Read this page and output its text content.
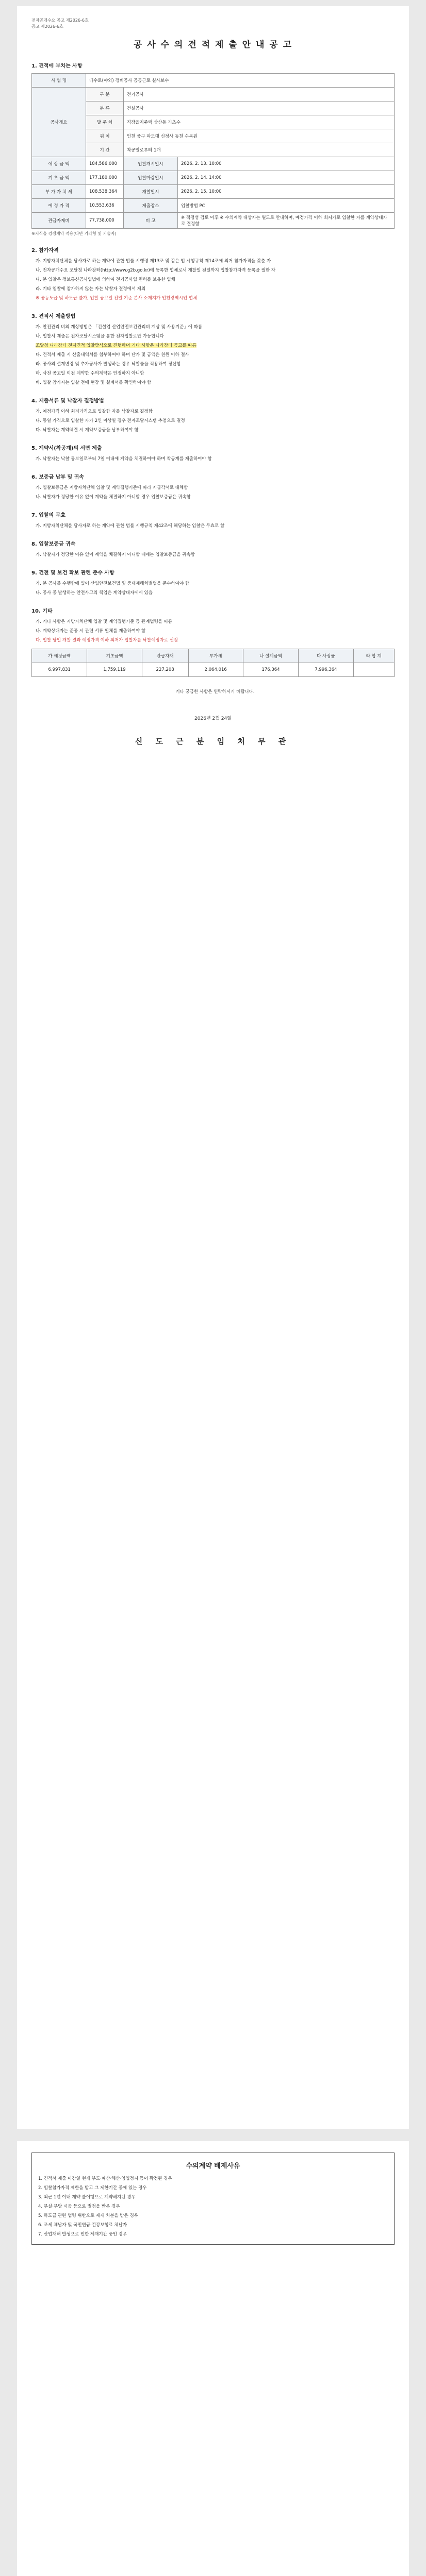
전자공개수요 공고 제2026-6호
공고 제2026-6호
공 사 수 의 견 적 제 출 안 내 공 고
1. 견적에 부치는 사항
사 업 명	배수로(야외) 정비공사 공공근로 실사보수		
공사개요	구 분	전기공사	
	분 류	건설공사	
	발 주 처	직장을지주택 삼산동 기초수	
	위 치	인천 중구 파도대 신정사 동천 수목원	
	기 간	착공일로부터 1개	
예 상 금 액	184,586,000	입찰개시일시	2026. 2. 13. 10:00
기 초 금 액	177,180,000	입찰마감일시	2026. 2. 14. 14:00
부 가 가 치 세	108,538,364	개찰일시	2026. 2. 15. 10:00
예 정 가 격	10,553,636	제출장소	입찰방법 PC
관급자재비	77,738,000	비 고	※ 적정성 검토 이후 ※ 수의계약 대상자는 별도로 안내하며, 예정가격 이하 최저가로 입찰한 자를 계약상대자로 결정함
※지식을 경쟁계약 적용(다만 기각형 및 기술자)
2. 참가자격
가. 지방자치단체를 당사자로 하는 계약에 관한 법률 시행령 제13조 및 같은 법 시행규칙 제14조에 의거 참가자격을 갖춘 자
나. 전자공개수요 조달청 나라장터(http://www.g2b.go.kr)에 등록한 업체로서 개찰일 전일까지 입찰참가자격 등록을 필한 자
다. 본 입찰은 정보통신공사업법에 의하여 전기공사업 면허를 보유한 업체
라. 기타 입찰에 참가하지 않는 자는 낙찰자 결정에서 제외
※ 공동도급 및 하도급 불가, 입찰 공고일 전일 기준 본사 소재지가 인천광역시인 업체
3. 견적서 제출방법
가. 안전관리 비의 계상방법은 「건설업 산업안전보건관리비 계상 및 사용기준」에 따름
나. 입찰서 제출은 전자조달시스템을 통한 전자입찰로만 가능합니다
조달청 나라장터 전자견적 입찰방식으로 진행하며 기타 사항은 나라장터 공고를 따름
다. 견적서 제출 시 산출내역서를 첨부하여야 하며 단가 및 금액은 천원 이하 절사
라. 공사의 설계변경 및 추가공사가 발생하는 경우 낙찰률을 적용하여 정산함
마. 사전 공고일 이전 계약한 수의계약은 인정하지 아니함
바. 입찰 참가자는 입찰 전에 현장 및 설계서를 확인하여야 함
4. 제출서류 및 낙찰자 결정방법
가. 예정가격 이하 최저가격으로 입찰한 자를 낙찰자로 결정함
나. 동일 가격으로 입찰한 자가 2인 이상일 경우 전자조달시스템 추첨으로 결정
다. 낙찰자는 계약체결 시 계약보증금을 납부하여야 함
5. 계약서(착공계)의 서면 제출
가. 낙찰자는 낙찰 통보일로부터 7일 이내에 계약을 체결하여야 하며 착공계를 제출하여야 함
6. 보증금 납부 및 귀속
가. 입찰보증금은 지방자치단체 입찰 및 계약집행기준에 따라 지급각서로 대체함
나. 낙찰자가 정당한 이유 없이 계약을 체결하지 아니할 경우 입찰보증금은 귀속함
7. 입찰의 무효
가. 지방자치단체를 당사자로 하는 계약에 관한 법률 시행규칙 제42조에 해당하는 입찰은 무효로 함
8. 입찰보증금 귀속
가. 낙찰자가 정당한 이유 없이 계약을 체결하지 아니할 때에는 입찰보증금을 귀속함
9. 건전 및 보건 확보 관련 준수 사항
가. 본 공사를 수행함에 있어 산업안전보건법 및 중대재해처벌법을 준수하여야 함
나. 공사 중 발생하는 안전사고의 책임은 계약상대자에게 있음
10. 기타
가. 기타 사항은 지방자치단체 입찰 및 계약집행기준 등 관계법령을 따름
나. 계약상대자는 준공 시 관련 서류 일체를 제출하여야 함
다. 입찰 당일 개찰 결과 예정가격 이하 최저가 입찰자를 낙찰예정자로 선정
가 예정금액	기초금액	관급자재	부가세	나 설계금액	다 사정율	라 합 계
6,997,831	1,759,119	227,208	2,064,016	176,364	7,996,364	
기타 궁금한 사항은 연락하시기 바랍니다.
2026년 2월 24일
신 도 근 분 임 처 무 관
수의계약 배제사유
1. 견적서 제출 마감일 현재 부도·파산·해산·영업정지 등이 확정된 경우
2. 입찰참가자격 제한을 받고 그 제한기간 중에 있는 경우
3. 최근 1년 이내 계약 불이행으로 계약해지된 경우
4. 부실·부당 시공 등으로 벌점을 받은 경우
5. 하도급 관련 법령 위반으로 제재 처분을 받은 경우
6. 조세 체납자 및 국민연금·건강보험료 체납자
7. 산업재해 발생으로 인한 제재기간 중인 경우
